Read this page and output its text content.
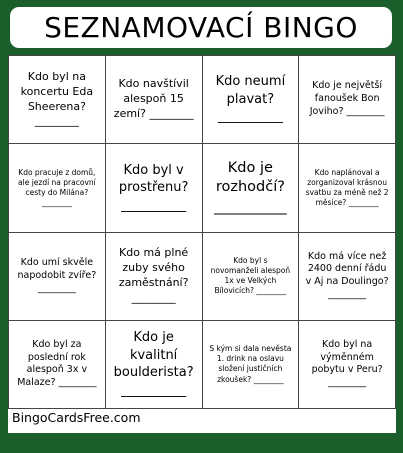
SEZNAMOVACÍ BINGO
Kdo byl na koncertu Eda Sheerena? ________
Kdo navštívil alespoň 15 zemí? ________
Kdo neumí plavat? __________
Kdo je největší fanoušek Bon Joviho? ________
Kdo pracuje z domů, ale jezdí na pracovní cesty do Milána? ________
Kdo byl v prostřenu? __________
Kdo je rozhodčí? __________
Kdo naplánoval a zorganizoval krásnou svatbu za méně než 2 měsíce? ________
Kdo umí skvěle napodobit zvíře? ________
Kdo má plné zuby svého zaměstnání? ________
Kdo byl s novomanželi alespoň 1x ve Velkých Bílovicích? ________
Kdo má více než 2400 denní řádu v Aj na Doulingo? ________
Kdo byl za poslední rok alespoň 3x v Malaze? ________
Kdo je kvalitní boulderista? __________
S kým si dala nevěsta 1. drink na oslavu složení justičních zkoušek? ________
Kdo byl na výměnném pobytu v Peru? ________
BingoCardsFree.com
